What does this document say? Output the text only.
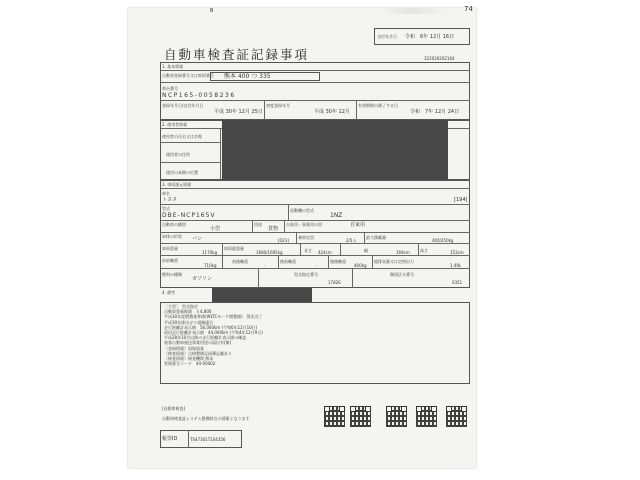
B	74
交付年月日 令和　6年 12月 16日
自動車検査証記録事項	322030202164
1. 基本情報
自動車登録番号又は車両番号 熊本 400 つ 335
車台番号
NCP165-0058236
登録年月日/交付年月日
平成 30年 12月 25日
初度登録年月
平成 30年 12月
有効期間の満了する日
令和　7年 12月 24日
2. 使用者情報
使用者の氏名又は名称
使用者の住所
使用の本拠の位置
3. 車両諸元情報
車名
トヨタ	[194]
型式
DBE-NCP165V
原動機の型式
1NZ
自動車の種別
小型
用途
貨物
自家用・事業用の別	自家用
車体の形状 バン	[023]
乗車定員
2/5人
最大積載量
400/250kg
車両重量
1170kg
車両総重量
1680/1695kg	長さ 424cm	幅	169cm	高さ	153cm
前前軸重
710kg
前後軸重
-
後前軸重
-
後後軸重
460kg
総排気量又は定格出力
1.49L
燃料の種類
ガソリン
型式指定番号
17826
類別区分番号
0351
4. 備考
［大型］　型式指定
自動車重量税額　￥4,800
平成30年度燃費基準値(WLTCモード燃費値)　算出完了
平成30年排出ガス規制適合
走行距離計表示値　56,000km (令和6年12月10日)
前回走行距離計表示値　44,000km (令和4年12月9日)
平成28年10月以降の走行距離計表示値の確認
旅客自動車運送事業用途の届出有(無)
（登録情報）国保協業
（検査情報）点検整備記録簿記載あり
（検査情報）検査機関 熊本
管理番号コード　44-00402
[自動車検査]
自動車検査証システム整備時点の情報となります
帳票ID	TS47301T104356
